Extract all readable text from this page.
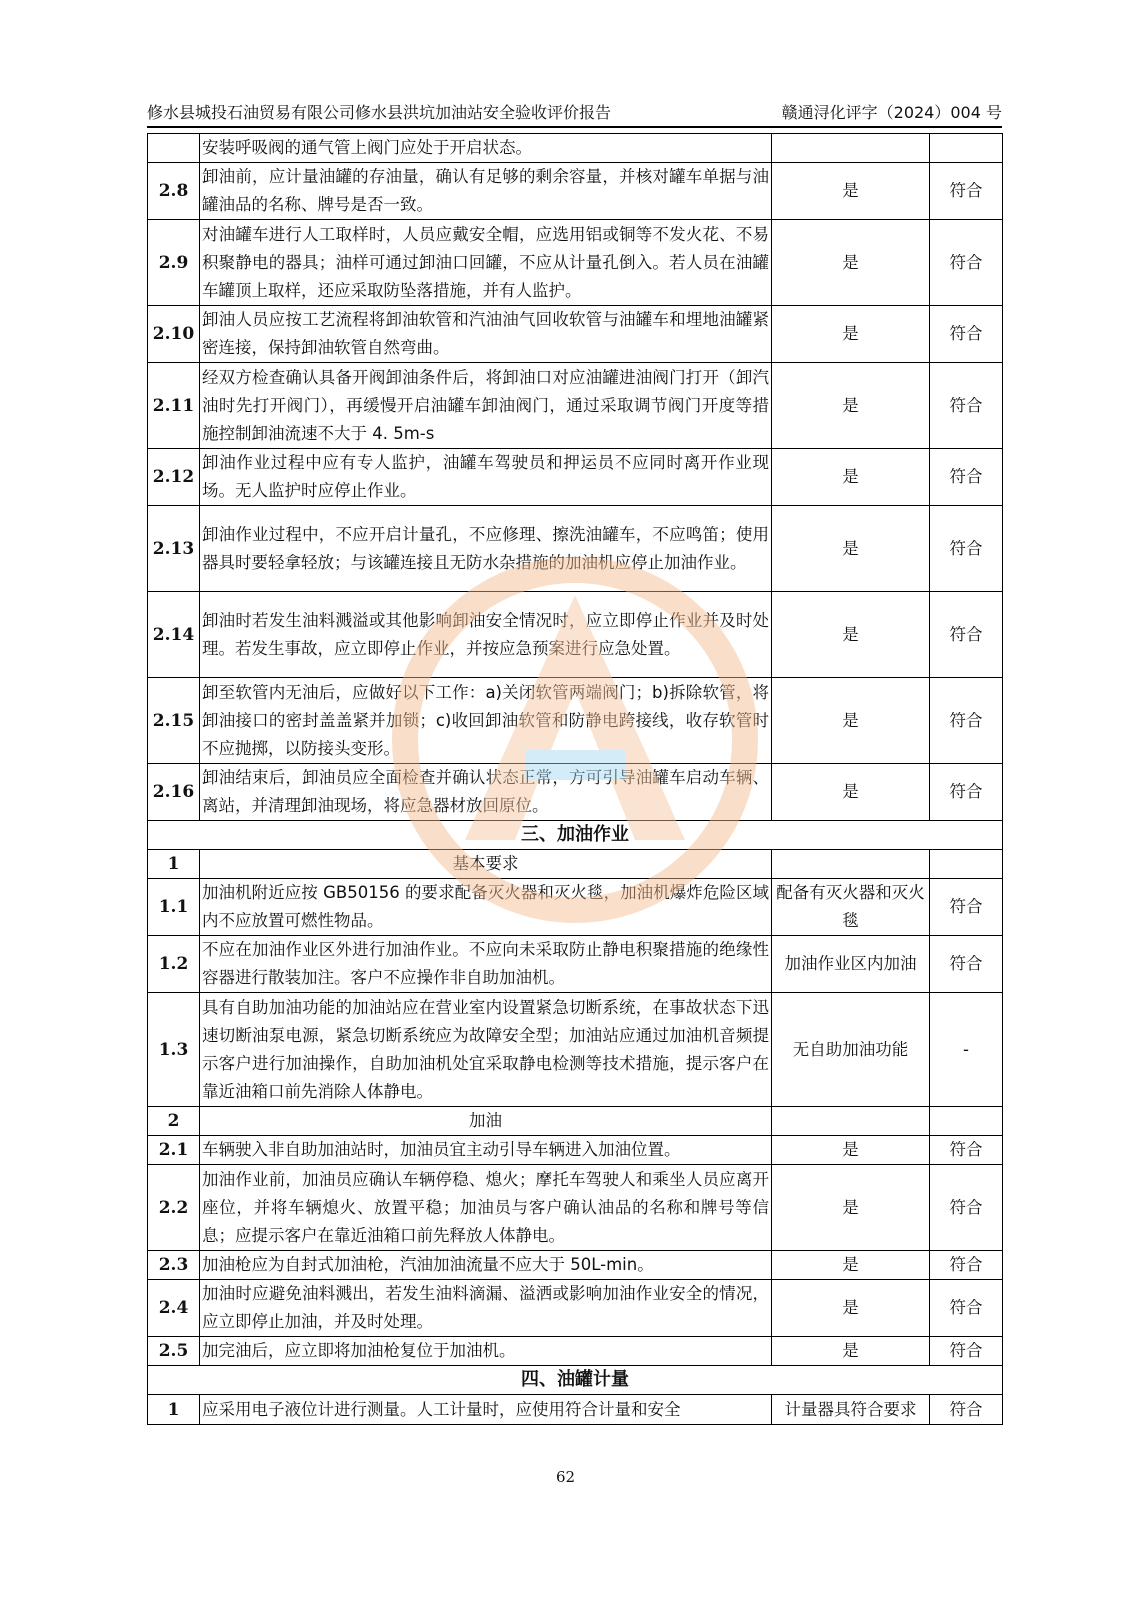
修水县城投石油贸易有限公司修水县洪坑加油站安全验收评价报告	赣通浔化评字（2024）004 号
	安装呼吸阀的通气管上阀门应处于开启状态。		
2.8	卸油前，应计量油罐的存油量，确认有足够的剩余容量，并核对罐车单据与油罐油品的名称、牌号是否一致。	是	符合
2.9	对油罐车进行人工取样时，人员应戴安全帽，应选用铝或铜等不发火花、不易积聚静电的器具；油样可通过卸油口回罐，不应从计量孔倒入。若人员在油罐车罐顶上取样，还应采取防坠落措施，并有人监护。	是	符合
2.10	卸油人员应按工艺流程将卸油软管和汽油油气回收软管与油罐车和埋地油罐紧密连接，保持卸油软管自然弯曲。	是	符合
2.11	经双方检查确认具备开阀卸油条件后，将卸油口对应油罐进油阀门打开（卸汽油时先打开阀门），再缓慢开启油罐车卸油阀门，通过采取调节阀门开度等措施控制卸油流速不大于 4. 5m-s	是	符合
2.12	卸油作业过程中应有专人监护，油罐车驾驶员和押运员不应同时离开作业现场。无人监护时应停止作业。	是	符合
2.13	卸油作业过程中，不应开启计量孔，不应修理、擦洗油罐车，不应鸣笛；使用器具时要轻拿轻放；与该罐连接且无防水杂措施的加油机应停止加油作业。	是	符合
2.14	卸油时若发生油料溅溢或其他影响卸油安全情况时，应立即停止作业并及时处理。若发生事故，应立即停止作业，并按应急预案进行应急处置。	是	符合
2.15	卸至软管内无油后，应做好以下工作：a)关闭软管两端阀门；b)拆除软管，将卸油接口的密封盖盖紧并加锁；c)收回卸油软管和防静电跨接线，收存软管时不应抛掷，以防接头变形。	是	符合
2.16	卸油结束后，卸油员应全面检查并确认状态正常，方可引导油罐车启动车辆、离站，并清理卸油现场，将应急器材放回原位。	是	符合
三、加油作业			
1	基本要求		
1.1	加油机附近应按 GB50156 的要求配备灭火器和灭火毯，加油机爆炸危险区域内不应放置可燃性物品。	配备有灭火器和灭火毯	符合
1.2	不应在加油作业区外进行加油作业。不应向未采取防止静电积聚措施的绝缘性容器进行散装加注。客户不应操作非自助加油机。	加油作业区内加油	符合
1.3	具有自助加油功能的加油站应在营业室内设置紧急切断系统，在事故状态下迅速切断油泵电源，紧急切断系统应为故障安全型；加油站应通过加油机音频提示客户进行加油操作，自助加油机处宜采取静电检测等技术措施，提示客户在靠近油箱口前先消除人体静电。	无自助加油功能	-
2	加油		
2.1	车辆驶入非自助加油站时，加油员宜主动引导车辆进入加油位置。	是	符合
2.2	加油作业前，加油员应确认车辆停稳、熄火；摩托车驾驶人和乘坐人员应离开座位，并将车辆熄火、放置平稳；加油员与客户确认油品的名称和牌号等信息；应提示客户在靠近油箱口前先释放人体静电。	是	符合
2.3	加油枪应为自封式加油枪，汽油加油流量不应大于 50L-min。	是	符合
2.4	加油时应避免油料溅出，若发生油料滴漏、溢洒或影响加油作业安全的情况，应立即停止加油，并及时处理。	是	符合
2.5	加完油后，应立即将加油枪复位于加油机。	是	符合
四、油罐计量			
1	应采用电子液位计进行测量。人工计量时，应使用符合计量和安全	计量器具符合要求	符合
62
